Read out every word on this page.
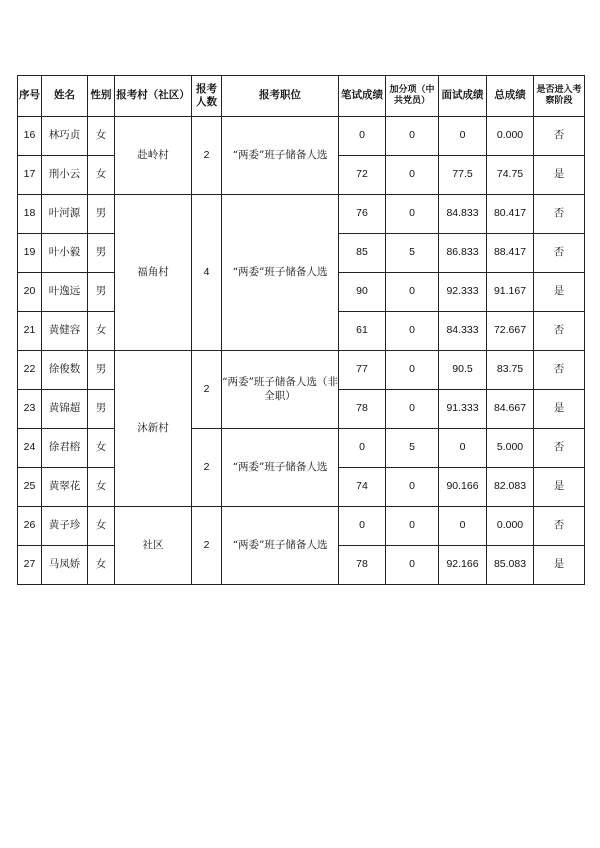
序号	姓名	性别	报考村（社区）	报考人数	报考职位	笔试成绩	加分项（中共党员）	面试成绩	总成绩	是否进入考察阶段
16	林巧贞	女	赴岭村	2	“两委”班子储备人选	0	0	0	0.000	否
17	刑小云	女				72	0	77.5	74.75	是
18	叶河源	男	福角村	4	“两委”班子储备人选	76	0	84.833	80.417	否
19	叶小毅	男				85	5	86.833	88.417	否
20	叶逸远	男				90	0	92.333	91.167	是
21	黄健容	女				61	0	84.333	72.667	否
22	徐俊数	男	沐新村	2	“两委”班子储备人选（非全职）	77	0	90.5	83.75	否
23	黄锦超	男				78	0	91.333	84.667	是
24	徐君榕	女		2	“两委”班子储备人选	0	5	0	5.000	否
25	黄翠花	女				74	0	90.166	82.083	是
26	黄子珍	女	社区	2	“两委”班子储备人选	0	0	0	0.000	否
27	马凤娇	女				78	0	92.166	85.083	是
